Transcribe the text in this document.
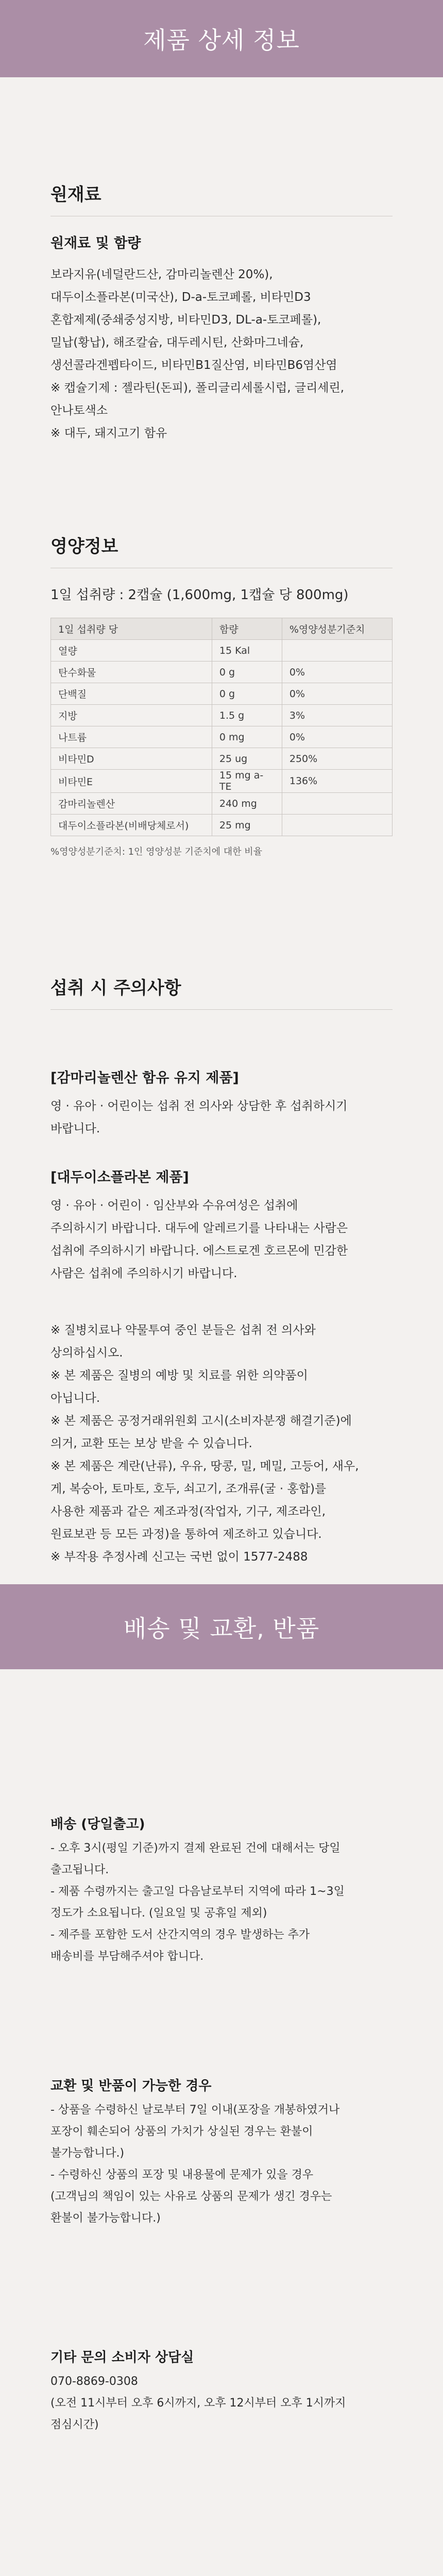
제품 상세 정보
원재료
원재료 및 함량
보라지유(네덜란드산, 감마리놀렌산 20%),
대두이소플라본(미국산), D-a-토코페롤, 비타민D3
혼합제제(중쇄중성지방, 비타민D3, DL-a-토코페롤),
밀납(황납), 해조칼슘, 대두레시틴, 산화마그네슘,
생선콜라겐펩타이드, 비타민B1질산염, 비타민B6염산염
※ 캡슐기제 : 젤라틴(돈피), 폴리글리세롤시럽, 글리세린,
안나토색소
※ 대두, 돼지고기 함유
영양정보
1일 섭취량 : 2캡슐 (1,600mg, 1캡슐 당 800mg)
1일 섭취량 당	함량	%영양성분기준치
열량	15 Kal	
탄수화물	0 g	0%
단백질	0 g	0%
지방	1.5 g	3%
나트륨	0 mg	0%
비타민D	25 ug	250%
비타민E	15 mg a-TE	136%
감마리놀렌산	240 mg	
대두이소플라본(비배당체로서)	25 mg	
%영양성분기준치: 1인 영양성분 기준치에 대한 비율
섭취 시 주의사항
[감마리놀렌산 함유 유지 제품]
영 · 유아 · 어린이는 섭취 전 의사와 상담한 후 섭취하시기
바랍니다.
[대두이소플라본 제품]
영 · 유아 · 어린이 · 임산부와 수유여성은 섭취에
주의하시기 바랍니다. 대두에 알레르기를 나타내는 사람은
섭취에 주의하시기 바랍니다. 에스트로겐 호르몬에 민감한
사람은 섭취에 주의하시기 바랍니다.
※ 질병치료나 약물투여 중인 분들은 섭취 전 의사와
상의하십시오.
※ 본 제품은 질병의 예방 및 치료를 위한 의약품이
아닙니다.
※ 본 제품은 공정거래위원회 고시(소비자분쟁 해결기준)에
의거, 교환 또는 보상 받을 수 있습니다.
※ 본 제품은 계란(난류), 우유, 땅콩, 밀, 메밀, 고등어, 새우,
게, 복숭아, 토마토, 호두, 쇠고기, 조개류(굴 · 홍합)를
사용한 제품과 같은 제조과정(작업자, 기구, 제조라인,
원료보관 등 모든 과정)을 통하여 제조하고 있습니다.
※ 부작용 추정사례 신고는 국번 없이 1577-2488
배송 및 교환, 반품
배송 (당일출고)
- 오후 3시(평일 기준)까지 결제 완료된 건에 대해서는 당일
출고됩니다.
- 제품 수령까지는 출고일 다음날로부터 지역에 따라 1~3일
정도가 소요됩니다. (일요일 및 공휴일 제외)
- 제주를 포함한 도서 산간지역의 경우 발생하는 추가
배송비를 부담해주셔야 합니다.
교환 및 반품이 가능한 경우
- 상품을 수령하신 날로부터 7일 이내(포장을 개봉하였거나
포장이 훼손되어 상품의 가치가 상실된 경우는 환불이
불가능합니다.)
- 수령하신 상품의 포장 및 내용물에 문제가 있을 경우
(고객님의 책임이 있는 사유로 상품의 문제가 생긴 경우는
환불이 불가능합니다.)
기타 문의 소비자 상담실
070-8869-0308
(오전 11시부터 오후 6시까지, 오후 12시부터 오후 1시까지
점심시간)
